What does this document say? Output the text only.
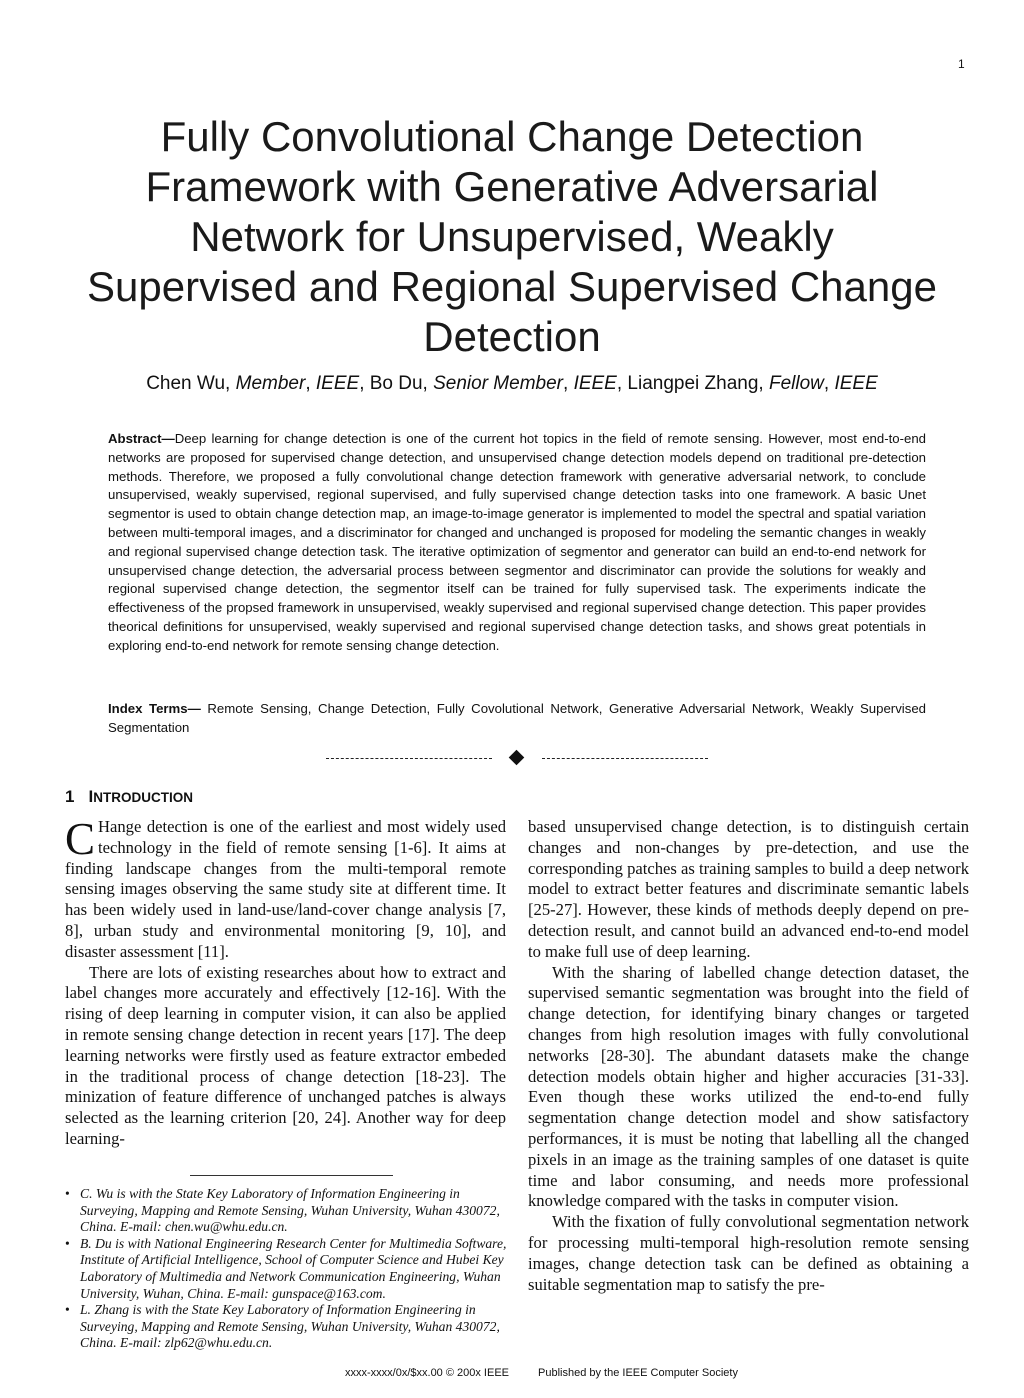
1
Fully Convolutional Change Detection
Framework with Generative Adversarial
Network for Unsupervised, Weakly
Supervised and Regional Supervised Change
Detection
Chen Wu, Member, IEEE, Bo Du, Senior Member, IEEE, Liangpei Zhang, Fellow, IEEE

Abstract—Deep learning for change detection is one of the current hot topics in the field of remote sensing. However, most end-to-end networks are proposed for supervised change detection, and unsupervised change detection models depend on traditional pre-detection methods. Therefore, we proposed a fully convolutional change detection framework with generative adversarial network, to conclude unsupervised, weakly supervised, regional supervised, and fully supervised change detection tasks into one framework. A basic Unet segmentor is used to obtain change detection map, an image-to-image generator is implemented to model the spectral and spatial variation between multi-temporal images, and a discriminator for changed and unchanged is proposed for modeling the semantic changes in weakly and regional supervised change detection task. The iterative optimization of segmentor and generator can build an end-to-end network for unsupervised change detection, the adversarial process between segmentor and discriminator can provide the solutions for weakly and regional supervised change detection, the segmentor itself can be trained for fully supervised task. The experiments indicate the effectiveness of the propsed framework in unsupervised, weakly supervised and regional supervised change detection. This paper provides theorical definitions for unsupervised, weakly supervised and regional supervised change detection tasks, and shows great potentials in exploring end-to-end network for remote sensing change detection.

Index Terms— Remote Sensing, Change Detection, Fully Covolutional Network, Generative Adversarial Network, Weakly Supervised Segmentation

1 INTRODUCTION

C Hange detection is one of the earliest and most widely used technology in the field of remote sensing [1-6]. It aims at finding landscape changes from the multi-temporal remote sensing images observing the same study site at different time. It has been widely used in land-use/land-cover change analysis [7, 8], urban study and environmental monitoring [9, 10], and disaster assessment [11].

There are lots of existing researches about how to extract and label changes more accurately and effectively [12-16]. With the rising of deep learning in computer vision, it can also be applied in remote sensing change detection in recent years [17]. The deep learning networks were firstly used as feature extractor embeded in the traditional process of change detection [18-23]. The minization of feature difference of unchanged patches is always selected as the learning criterion [20, 24]. Another way for deep learning-

based unsupervised change detection, is to distinguish certain changes and non-changes by pre-detection, and use the corresponding patches as training samples to build a deep network model to extract better features and discriminate semantic labels [25-27]. However, these kinds of methods deeply depend on pre-detection result, and cannot build an advanced end-to-end model to make full use of deep learning.

With the sharing of labelled change detection dataset, the supervised semantic segmentation was brought into the field of change detection, for identifying binary changes or targeted changes from high resolution images with fully convolutional networks [28-30]. The abundant datasets make the change detection models obtain higher and higher accuracies [31-33]. Even though these works utilized the end-to-end fully segmentation change detection model and show satisfactory performances, it is must be noting that labelling all the changed pixels in an image as the training samples of one dataset is quite time and labor consuming, and needs more professional knowledge compared with the tasks in computer vision.

With the fixation of fully convolutional segmentation network for processing multi-temporal high-resolution remote sensing images, change detection task can be defined as obtaining a suitable segmentation map to satisfy the pre-

• C. Wu is with the State Key Laboratory of Information Engineering in Surveying, Mapping and Remote Sensing, Wuhan University, Wuhan 430072, China. E-mail: chen.wu@whu.edu.cn.
• B. Du is with National Engineering Research Center for Multimedia Software, Institute of Artificial Intelligence, School of Computer Science and Hubei Key Laboratory of Multimedia and Network Communication Engineering, Wuhan University, Wuhan, China. E-mail: gunspace@163.com.
• L. Zhang is with the State Key Laboratory of Information Engineering in Surveying, Mapping and Remote Sensing, Wuhan University, Wuhan 430072, China. E-mail: zlp62@whu.edu.cn.
xxxx-xxxx/0x/$xx.00 © 200x IEEE	Published by the IEEE Computer Society
